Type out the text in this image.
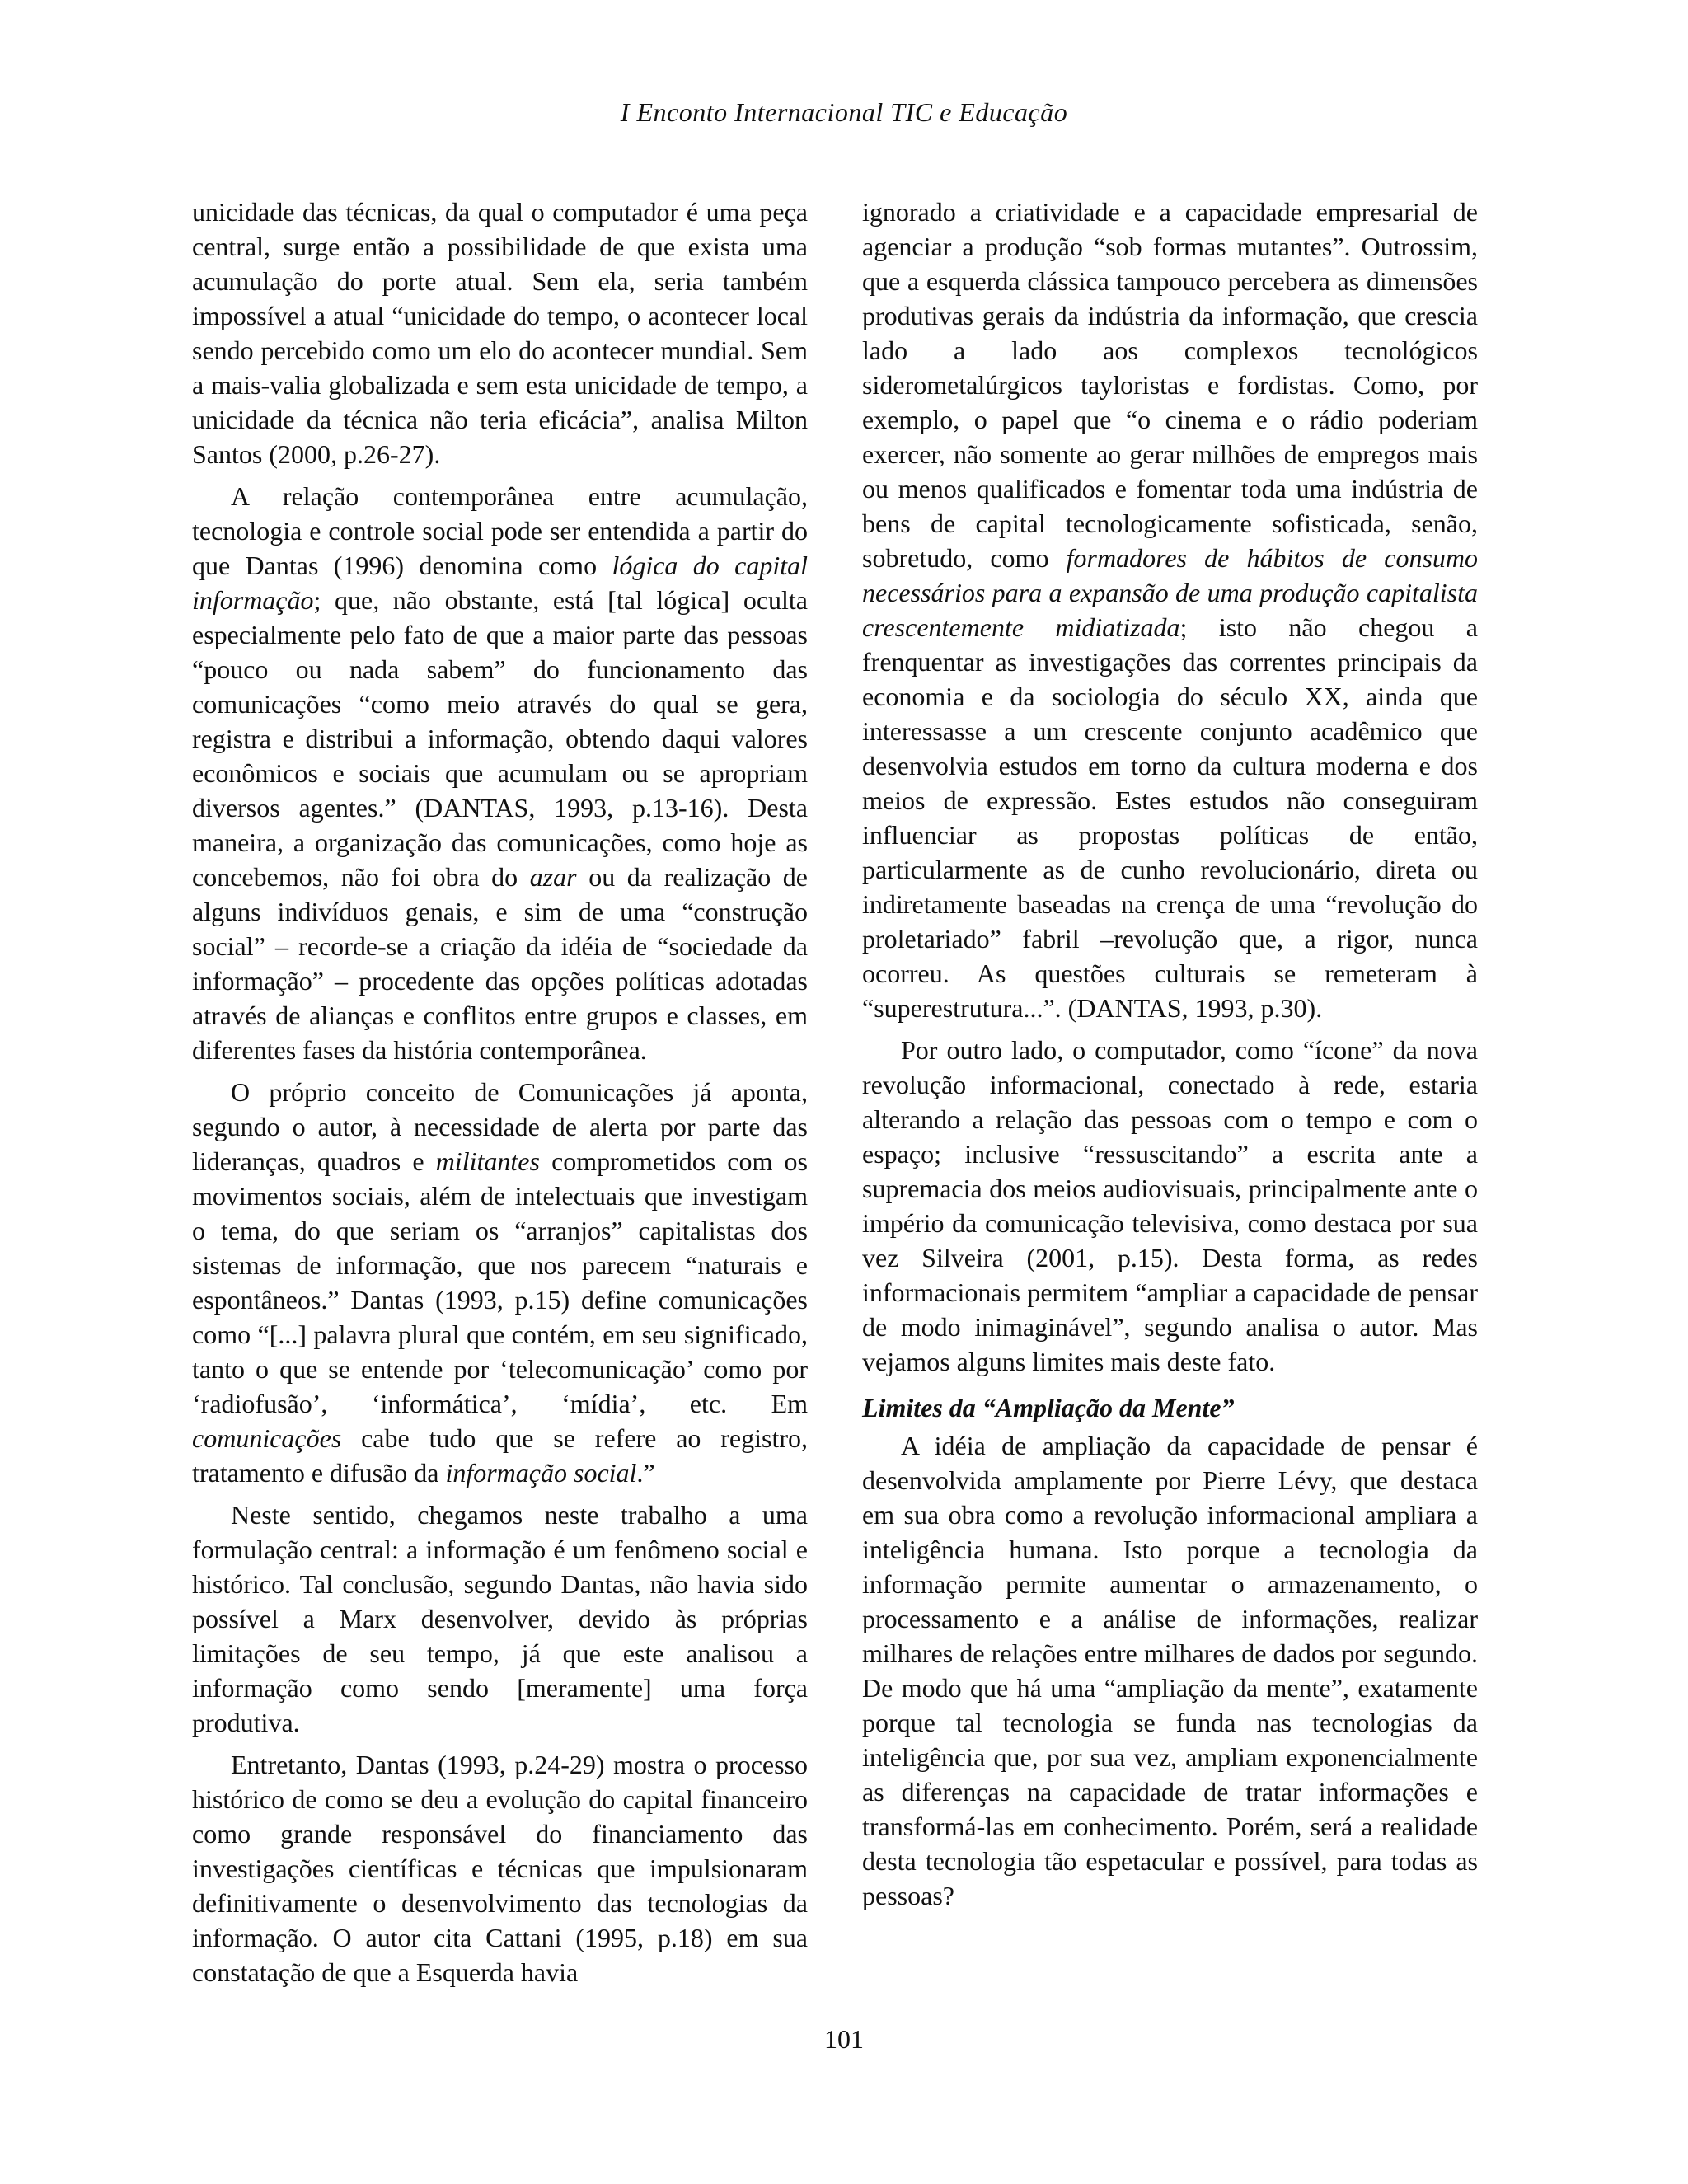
I Enconto Internacional TIC e Educação

unicidade das técnicas, da qual o computador é uma peça central, surge então a possibilidade de que exista uma acumulação do porte atual. Sem ela, seria também impossível a atual “unicidade do tempo, o acontecer local sendo percebido como um elo do acontecer mundial. Sem a mais-valia globalizada e sem esta unicidade de tempo, a unicidade da técnica não teria eficácia”, analisa Milton Santos (2000, p.26-27).

A relação contemporânea entre acumulação, tecnologia e controle social pode ser entendida a partir do que Dantas (1996) denomina como lógica do capital informação; que, não obstante, está [tal lógica] oculta especialmente pelo fato de que a maior parte das pessoas “pouco ou nada sabem” do funcionamento das comunicações “como meio através do qual se gera, registra e distribui a informação, obtendo daqui valores econômicos e sociais que acumulam ou se apropriam diversos agentes.” (DANTAS, 1993, p.13-16). Desta maneira, a organização das comunicações, como hoje as concebemos, não foi obra do azar ou da realização de alguns indivíduos genais, e sim de uma “construção social” – recorde-se a criação da idéia de “sociedade da informação” – procedente das opções políticas adotadas através de alianças e conflitos entre grupos e classes, em diferentes fases da história contemporânea.

O próprio conceito de Comunicações já aponta, segundo o autor, à necessidade de alerta por parte das lideranças, quadros e militantes comprometidos com os movimentos sociais, além de intelectuais que investigam o tema, do que seriam os “arranjos” capitalistas dos sistemas de informação, que nos parecem “naturais e espontâneos.” Dantas (1993, p.15) define comunicações como “[...] palavra plural que contém, em seu significado, tanto o que se entende por ‘telecomunicação’ como por ‘radiofusão’, ‘informática’, ‘mídia’, etc. Em comunicações cabe tudo que se refere ao registro, tratamento e difusão da informação social.”

Neste sentido, chegamos neste trabalho a uma formulação central: a informação é um fenômeno social e histórico. Tal conclusão, segundo Dantas, não havia sido possível a Marx desenvolver, devido às próprias limitações de seu tempo, já que este analisou a informação como sendo [meramente] uma força produtiva.

Entretanto, Dantas (1993, p.24-29) mostra o processo histórico de como se deu a evolução do capital financeiro como grande responsável do financiamento das investigações científicas e técnicas que impulsionaram definitivamente o desenvolvimento das tecnologias da informação. O autor cita Cattani (1995, p.18) em sua constatação de que a Esquerda havia

ignorado a criatividade e a capacidade empresarial de agenciar a produção “sob formas mutantes”. Outrossim, que a esquerda clássica tampouco percebera as dimensões produtivas gerais da indústria da informação, que crescia lado a lado aos complexos tecnológicos siderometalúrgicos tayloristas e fordistas. Como, por exemplo, o papel que “o cinema e o rádio poderiam exercer, não somente ao gerar milhões de empregos mais ou menos qualificados e fomentar toda uma indústria de bens de capital tecnologicamente sofisticada, senão, sobretudo, como formadores de hábitos de consumo necessários para a expansão de uma produção capitalista crescentemente midiatizada; isto não chegou a frenquentar as investigações das correntes principais da economia e da sociologia do século XX, ainda que interessasse a um crescente conjunto acadêmico que desenvolvia estudos em torno da cultura moderna e dos meios de expressão. Estes estudos não conseguiram influenciar as propostas políticas de então, particularmente as de cunho revolucionário, direta ou indiretamente baseadas na crença de uma “revolução do proletariado” fabril –revolução que, a rigor, nunca ocorreu. As questões culturais se remeteram à “superestrutura...”. (DANTAS, 1993, p.30).

Por outro lado, o computador, como “ícone” da nova revolução informacional, conectado à rede, estaria alterando a relação das pessoas com o tempo e com o espaço; inclusive “ressuscitando” a escrita ante a supremacia dos meios audiovisuais, principalmente ante o império da comunicação televisiva, como destaca por sua vez Silveira (2001, p.15). Desta forma, as redes informacionais permitem “ampliar a capacidade de pensar de modo inimaginável”, segundo analisa o autor. Mas vejamos alguns limites mais deste fato.

Limites da “Ampliação da Mente”

A idéia de ampliação da capacidade de pensar é desenvolvida amplamente por Pierre Lévy, que destaca em sua obra como a revolução informacional ampliara a inteligência humana. Isto porque a tecnologia da informação permite aumentar o armazenamento, o processamento e a análise de informações, realizar milhares de relações entre milhares de dados por segundo. De modo que há uma “ampliação da mente”, exatamente porque tal tecnologia se funda nas tecnologias da inteligência que, por sua vez, ampliam exponencialmente as diferenças na capacidade de tratar informações e transformá-las em conhecimento. Porém, será a realidade desta tecnologia tão espetacular e possível, para todas as pessoas?

101
